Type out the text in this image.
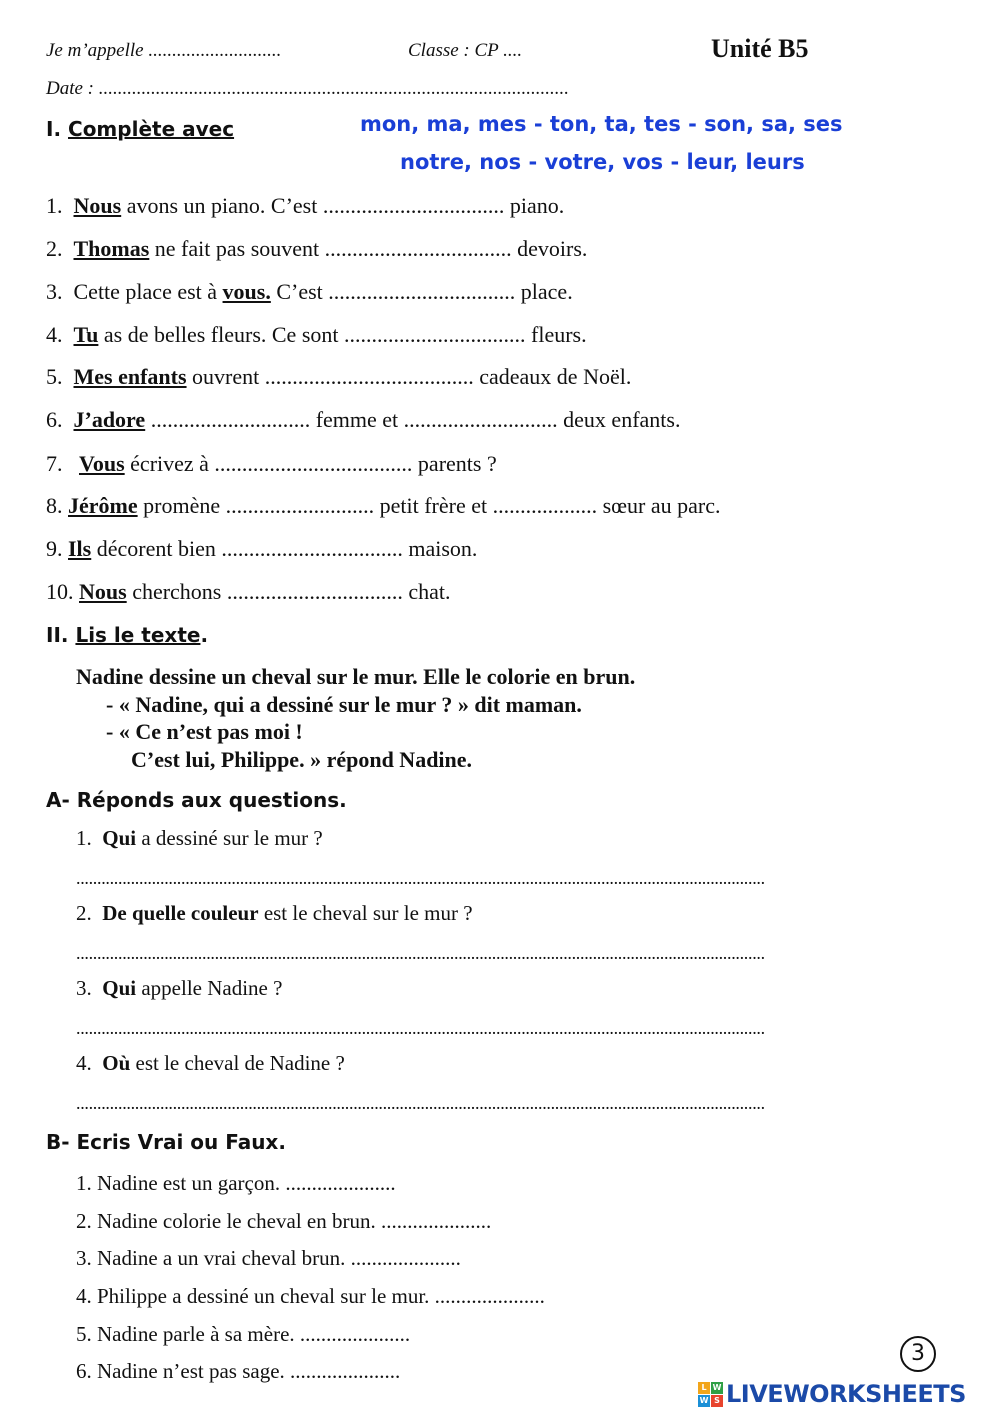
Je m’appelle ............................	Classe : CP ....	Unité B5
Date : ...................................................................................................
I. Complète avec	mon, ma, mes - ton, ta, tes - son, sa, ses
notre, nos - votre, vos - leur, leurs
1. Nous avons un piano. C’est ................................. piano.
2. Thomas ne fait pas souvent .................................. devoirs.
3. Cette place est à vous. C’est .................................. place.
4. Tu as de belles fleurs. Ce sont ................................. fleurs.
5. Mes enfants ouvrent ...................................... cadeaux de Noël.
6. J’adore ............................. femme et ............................ deux enfants.
7. Vous écrivez à .................................... parents ?
8. Jérôme promène ........................... petit frère et ................... sœur au parc.
9. Ils décorent bien ................................. maison.
10. Nous cherchons ................................ chat.
II. Lis le texte.
Nadine dessine un cheval sur le mur. Elle le colorie en brun.
- « Nadine, qui a dessiné sur le mur ? » dit maman.
- « Ce n’est pas moi !
C’est lui, Philippe. » répond Nadine.
A- Réponds aux questions.
1. Qui a dessiné sur le mur ?
....................................................................................................................................................................
2. De quelle couleur est le cheval sur le mur ?
....................................................................................................................................................................
3. Qui appelle Nadine ?
....................................................................................................................................................................
4. Où est le cheval de Nadine ?
....................................................................................................................................................................
B- Ecris Vrai ou Faux.
1. Nadine est un garçon. .....................
2. Nadine colorie le cheval en brun. .....................
3. Nadine a un vrai cheval brun. .....................
4. Philippe a dessiné un cheval sur le mur. .....................
5. Nadine parle à sa mère. .....................
6. Nadine n’est pas sage. .....................
3
L W
W S LIVEWORKSHEETS
